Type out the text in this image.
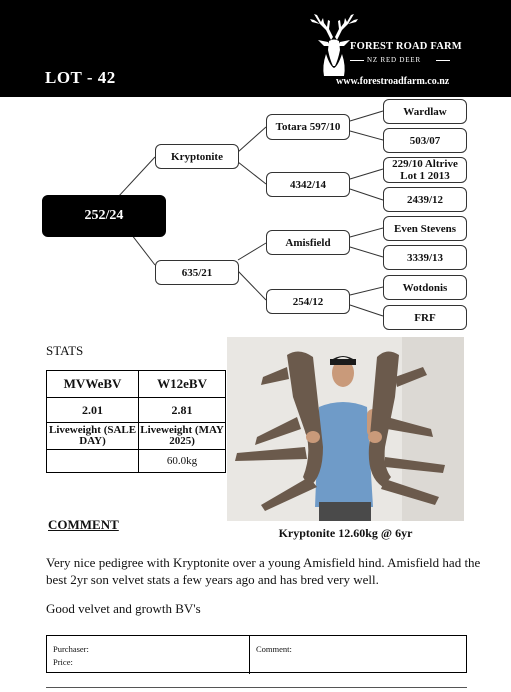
LOT - 42
FOREST ROAD FARM
NZ RED DEER
www.forestroadfarm.co.nz
252/24
Kryptonite
635/21
Totara 597/10
4342/14
Amisfield
254/12
Wardlaw
503/07
229/10 Altrive Lot 1 2013
2439/12
Even Stevens
3339/13
Wotdonis
FRF
STATS
MVWeBV	W12eBV
2.01	2.81
Liveweight (SALE DAY)	Liveweight (MAY 2025)
	60.0kg
Kryptonite 12.60kg @ 6yr
COMMENT
Very nice pedigree with Kryptonite over a young Amisfield hind. Amisfield had the best 2yr son velvet stats a few years ago and has bred very well.
Good velvet and growth BV's
Purchaser:
Price:
Comment:
